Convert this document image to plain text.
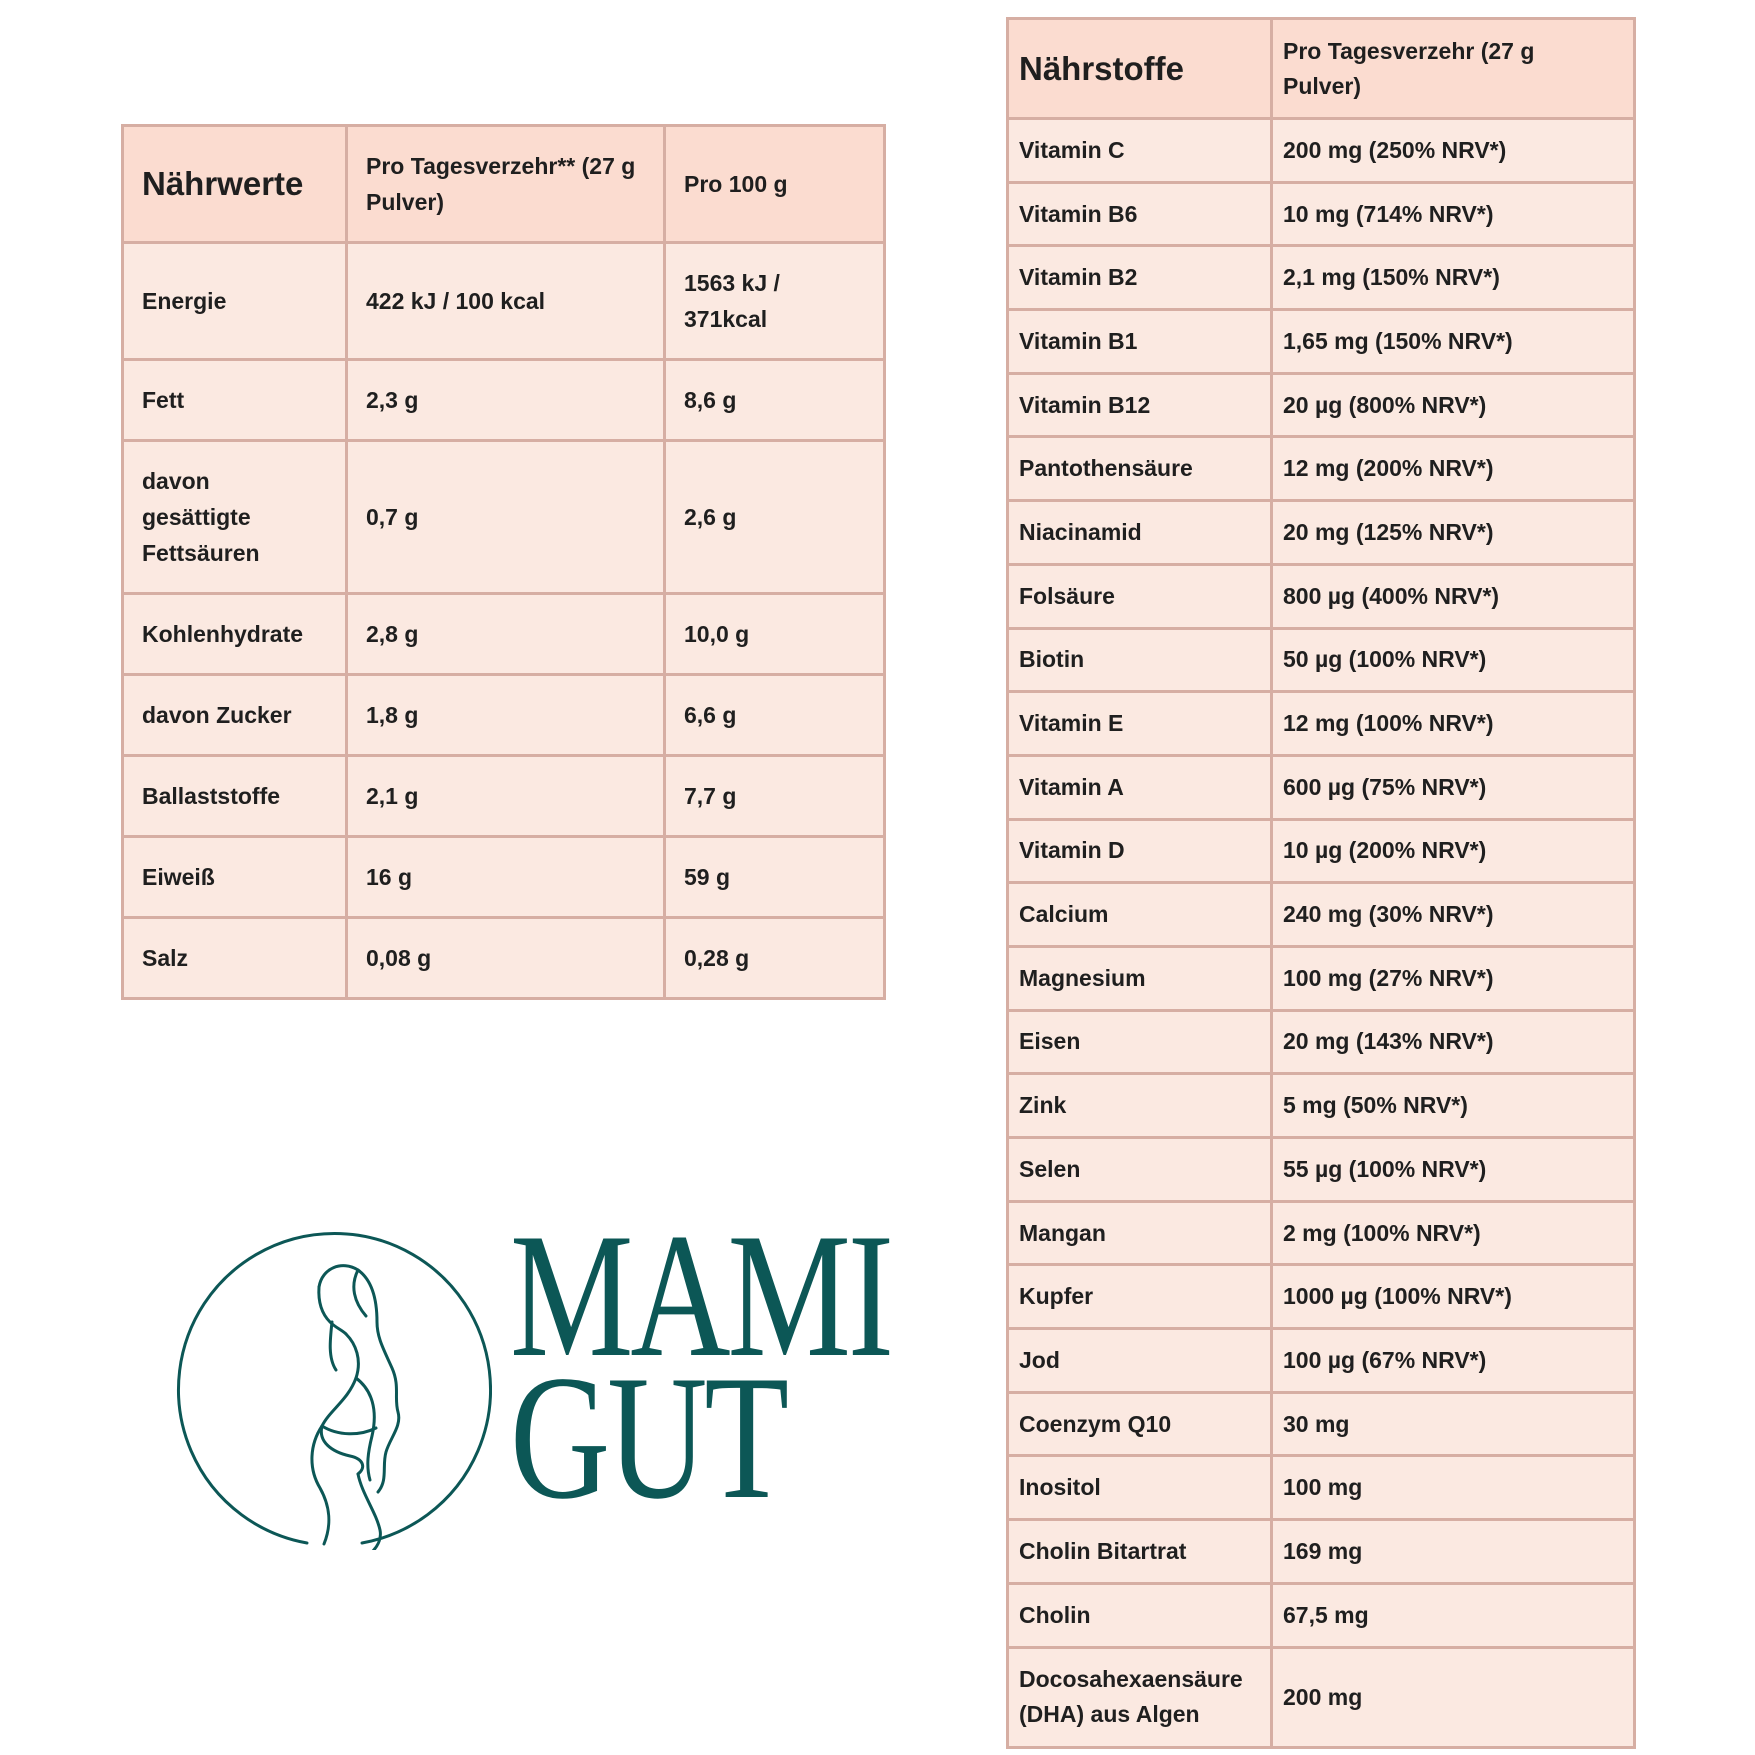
Nährwerte	Pro Tagesverzehr** (27 g Pulver)	Pro 100 g
Energie	422 kJ / 100 kcal	1563 kJ / 371kcal
Fett	2,3 g	8,6 g
davon gesättigte Fettsäuren	0,7 g	2,6 g
Kohlenhydrate	2,8 g	10,0 g
davon Zucker	1,8 g	6,6 g
Ballaststoffe	2,1 g	7,7 g
Eiweiß	16 g	59 g
Salz	0,08 g	0,28 g
Nährstoffe	Pro Tagesverzehr (27 g Pulver)
Vitamin C	200 mg (250% NRV*)
Vitamin B6	10 mg (714% NRV*)
Vitamin B2	2,1 mg (150% NRV*)
Vitamin B1	1,65 mg (150% NRV*)
Vitamin B12	20 µg (800% NRV*)
Pantothensäure	12 mg (200% NRV*)
Niacinamid	20 mg (125% NRV*)
Folsäure	800 µg (400% NRV*)
Biotin	50 µg (100% NRV*)
Vitamin E	12 mg (100% NRV*)
Vitamin A	600 µg (75% NRV*)
Vitamin D	10 µg (200% NRV*)
Calcium	240 mg (30% NRV*)
Magnesium	100 mg (27% NRV*)
Eisen	20 mg (143% NRV*)
Zink	5 mg (50% NRV*)
Selen	55 µg (100% NRV*)
Mangan	2 mg (100% NRV*)
Kupfer	1000 µg (100% NRV*)
Jod	100 µg (67% NRV*)
Coenzym Q10	30 mg
Inositol	100 mg
Cholin Bitartrat	169 mg
Cholin	67,5 mg
Docosahexaensäure (DHA) aus Algen	200 mg
MAMI
GUT
